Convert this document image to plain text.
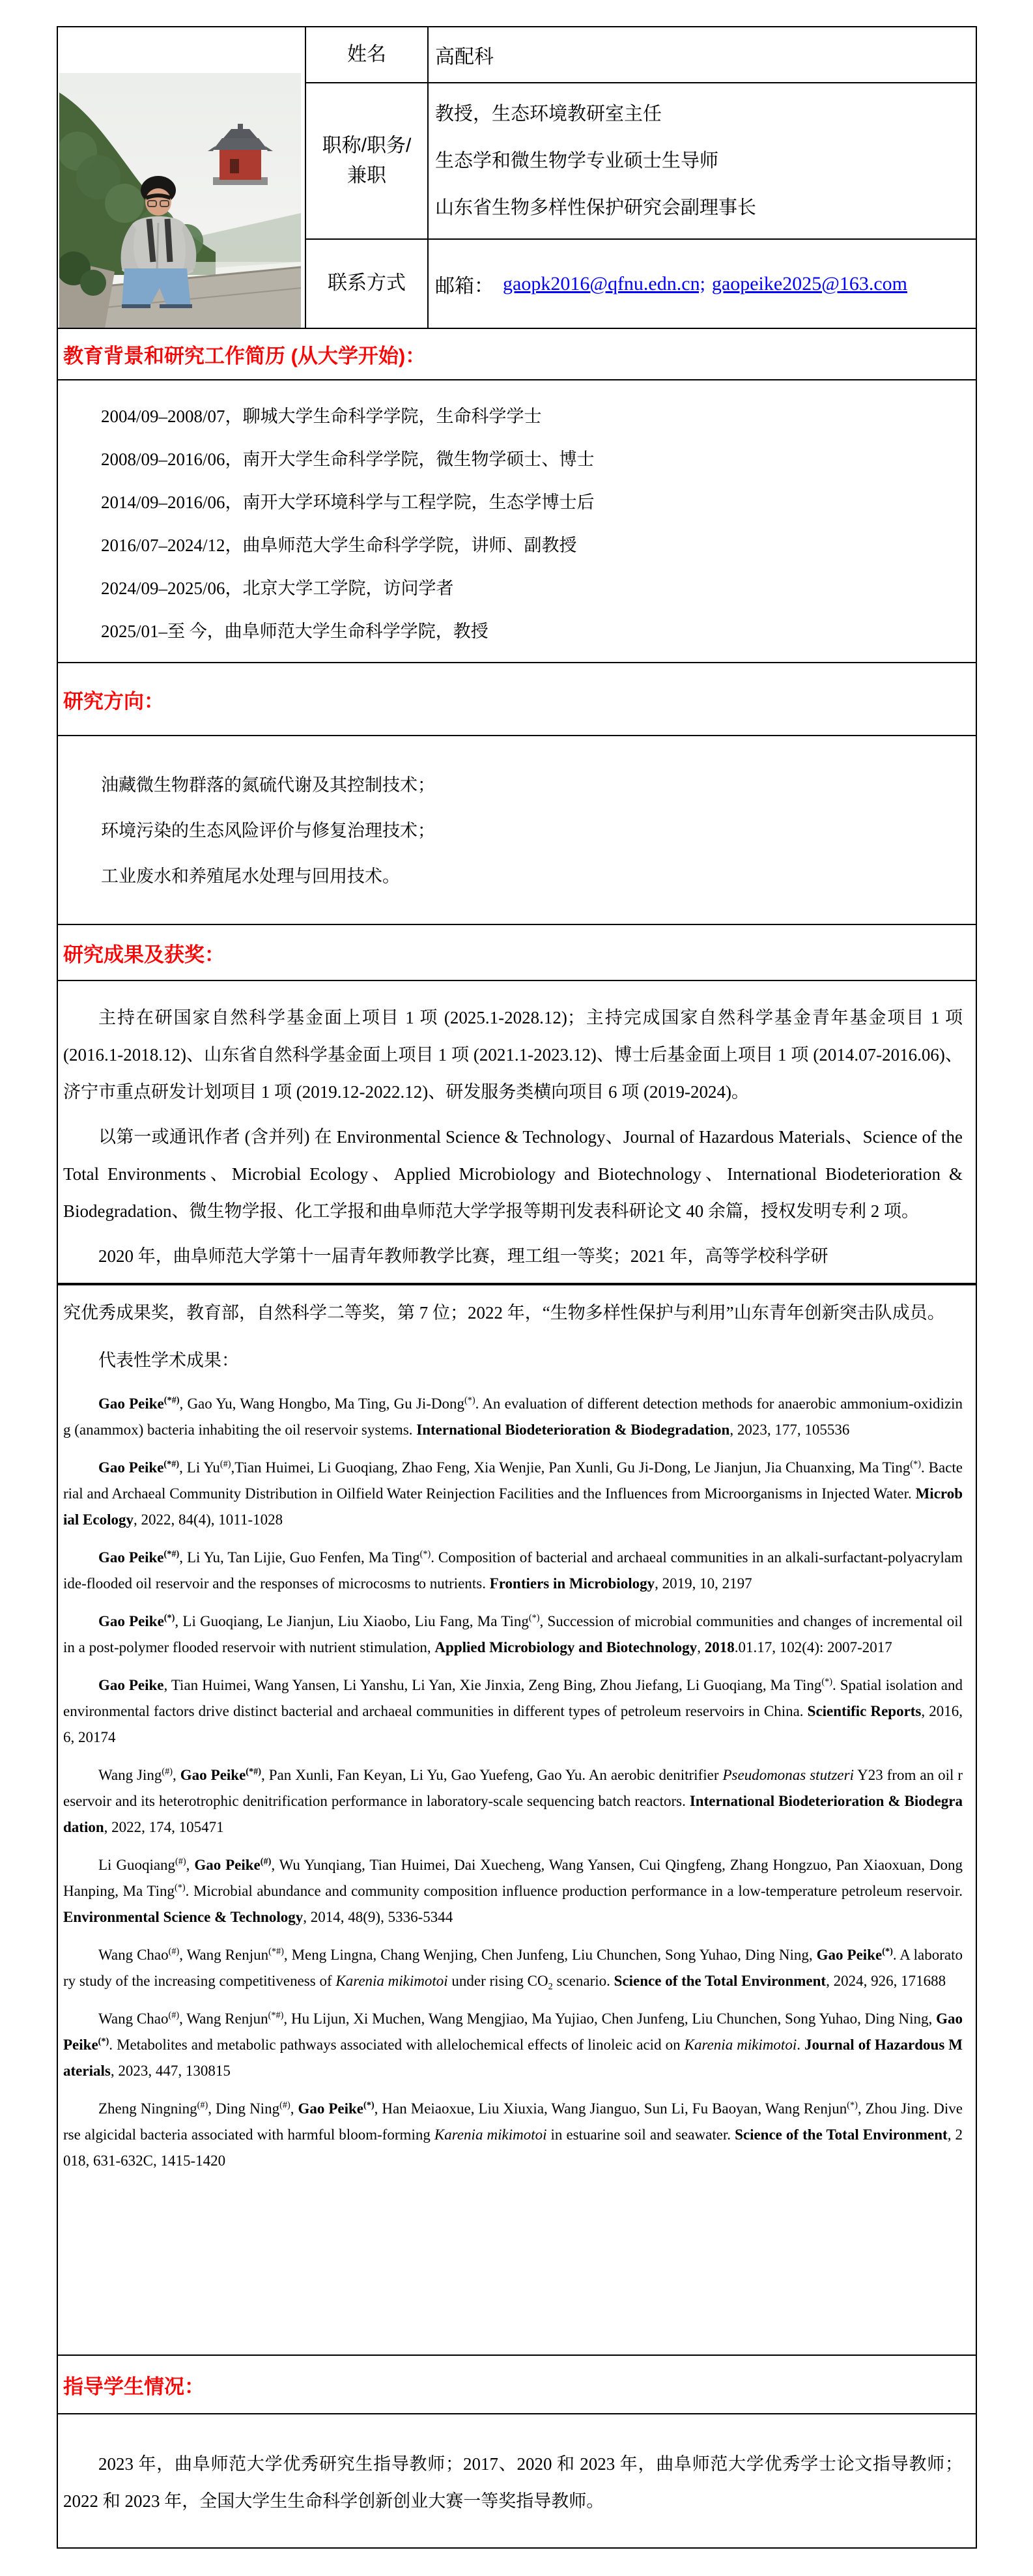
姓名	高配科
职称/职务/
兼职
教授，生态环境教研室主任
生态学和微生物学专业硕士生导师
山东省生物多样性保护研究会副理事长
联系方式 邮箱： gaopk2016@qfnu.edn.cn; gaopeike2025@163.com
教育背景和研究工作简历 (从大学开始)：
2004/09–2008/07，聊城大学生命科学学院，生命科学学士
2008/09–2016/06，南开大学生命科学学院，微生物学硕士、博士
2014/09–2016/06，南开大学环境科学与工程学院，生态学博士后
2016/07–2024/12，曲阜师范大学生命科学学院，讲师、副教授
2024/09–2025/06，北京大学工学院，访问学者
2025/01–至 今，曲阜师范大学生命科学学院，教授
研究方向：
油藏微生物群落的氮硫代谢及其控制技术；
环境污染的生态风险评价与修复治理技术；
工业废水和养殖尾水处理与回用技术。
研究成果及获奖：

主持在研国家自然科学基金面上项目 1 项 (2025.1-2028.12)；主持完成国家自然科学基金青年基金项目 1 项 (2016.1-2018.12)、山东省自然科学基金面上项目 1 项 (2021.1-2023.12)、博士后基金面上项目 1 项 (2014.07-2016.06)、济宁市重点研发计划项目 1 项 (2019.12-2022.12)、研发服务类横向项目 6 项 (2019-2024)。

以第一或通讯作者 (含并列) 在 Environmental Science & Technology、Journal of Hazardous Materials、Science of the Total Environments、Microbial Ecology、Applied Microbiology and Biotechnology、International Biodeterioration & Biodegradation、微生物学报、化工学报和曲阜师范大学学报等期刊发表科研论文 40 余篇，授权发明专利 2 项。

2020 年，曲阜师范大学第十一届青年教师教学比赛，理工组一等奖；2021 年，高等学校科学研

究优秀成果奖，教育部，自然科学二等奖，第 7 位；2022 年，“生物多样性保护与利用”山东青年创新突击队成员。

代表性学术成果：

Gao Peike(*#), Gao Yu, Wang Hongbo, Ma Ting, Gu Ji-Dong(*). An evaluation of different detection methods for anaerobic ammonium-oxidizing (anammox) bacteria inhabiting the oil reservoir systems. International Biodeterioration & Biodegradation, 2023, 177, 105536

Gao Peike(*#), Li Yu(#),Tian Huimei, Li Guoqiang, Zhao Feng, Xia Wenjie, Pan Xunli, Gu Ji-Dong, Le Jianjun, Jia Chuanxing, Ma Ting(*). Bacterial and Archaeal Community Distribution in Oilfield Water Reinjection Facilities and the Influences from Microorganisms in Injected Water. Microbial Ecology, 2022, 84(4), 1011-1028

Gao Peike(*#), Li Yu, Tan Lijie, Guo Fenfen, Ma Ting(*). Composition of bacterial and archaeal communities in an alkali-surfactant-polyacrylamide-flooded oil reservoir and the responses of microcosms to nutrients. Frontiers in Microbiology, 2019, 10, 2197

Gao Peike(*), Li Guoqiang, Le Jianjun, Liu Xiaobo, Liu Fang, Ma Ting(*), Succession of microbial communities and changes of incremental oil in a post-polymer flooded reservoir with nutrient stimulation, Applied Microbiology and Biotechnology, 2018.01.17, 102(4): 2007-2017

Gao Peike, Tian Huimei, Wang Yansen, Li Yanshu, Li Yan, Xie Jinxia, Zeng Bing, Zhou Jiefang, Li Guoqiang, Ma Ting(*). Spatial isolation and environmental factors drive distinct bacterial and archaeal communities in different types of petroleum reservoirs in China. Scientific Reports, 2016, 6, 20174

Wang Jing(#), Gao Peike(*#), Pan Xunli, Fan Keyan, Li Yu, Gao Yuefeng, Gao Yu. An aerobic denitrifier Pseudomonas stutzeri Y23 from an oil reservoir and its heterotrophic denitrification performance in laboratory-scale sequencing batch reactors. International Biodeterioration & Biodegradation, 2022, 174, 105471

Li Guoqiang(#), Gao Peike(#), Wu Yunqiang, Tian Huimei, Dai Xuecheng, Wang Yansen, Cui Qingfeng, Zhang Hongzuo, Pan Xiaoxuan, Dong Hanping, Ma Ting(*). Microbial abundance and community composition influence production performance in a low-temperature petroleum reservoir. Environmental Science & Technology, 2014, 48(9), 5336-5344

Wang Chao(#), Wang Renjun(*#), Meng Lingna, Chang Wenjing, Chen Junfeng, Liu Chunchen, Song Yuhao, Ding Ning, Gao Peike(*). A laboratory study of the increasing competitiveness of Karenia mikimotoi under rising $CO_2$ scenario. Science of the Total Environment, 2024, 926, 171688

Wang Chao(#), Wang Renjun(*#), Hu Lijun, Xi Muchen, Wang Mengjiao, Ma Yujiao, Chen Junfeng, Liu Chunchen, Song Yuhao, Ding Ning, Gao Peike(*). Metabolites and metabolic pathways associated with allelochemical effects of linoleic acid on Karenia mikimotoi. Journal of Hazardous Materials, 2023, 447, 130815

Zheng Ningning(#), Ding Ning(#), Gao Peike(*), Han Meiaoxue, Liu Xiuxia, Wang Jianguo, Sun Li, Fu Baoyan, Wang Renjun(*), Zhou Jing. Diverse algicidal bacteria associated with harmful bloom-forming Karenia mikimotoi in estuarine soil and seawater. Science of the Total Environment, 2018, 631-632C, 1415-1420

指导学生情况：

2023 年，曲阜师范大学优秀研究生指导教师；2017、2020 和 2023 年，曲阜师范大学优秀学士论文指导教师；2022 和 2023 年，全国大学生生命科学创新创业大赛一等奖指导教师。
